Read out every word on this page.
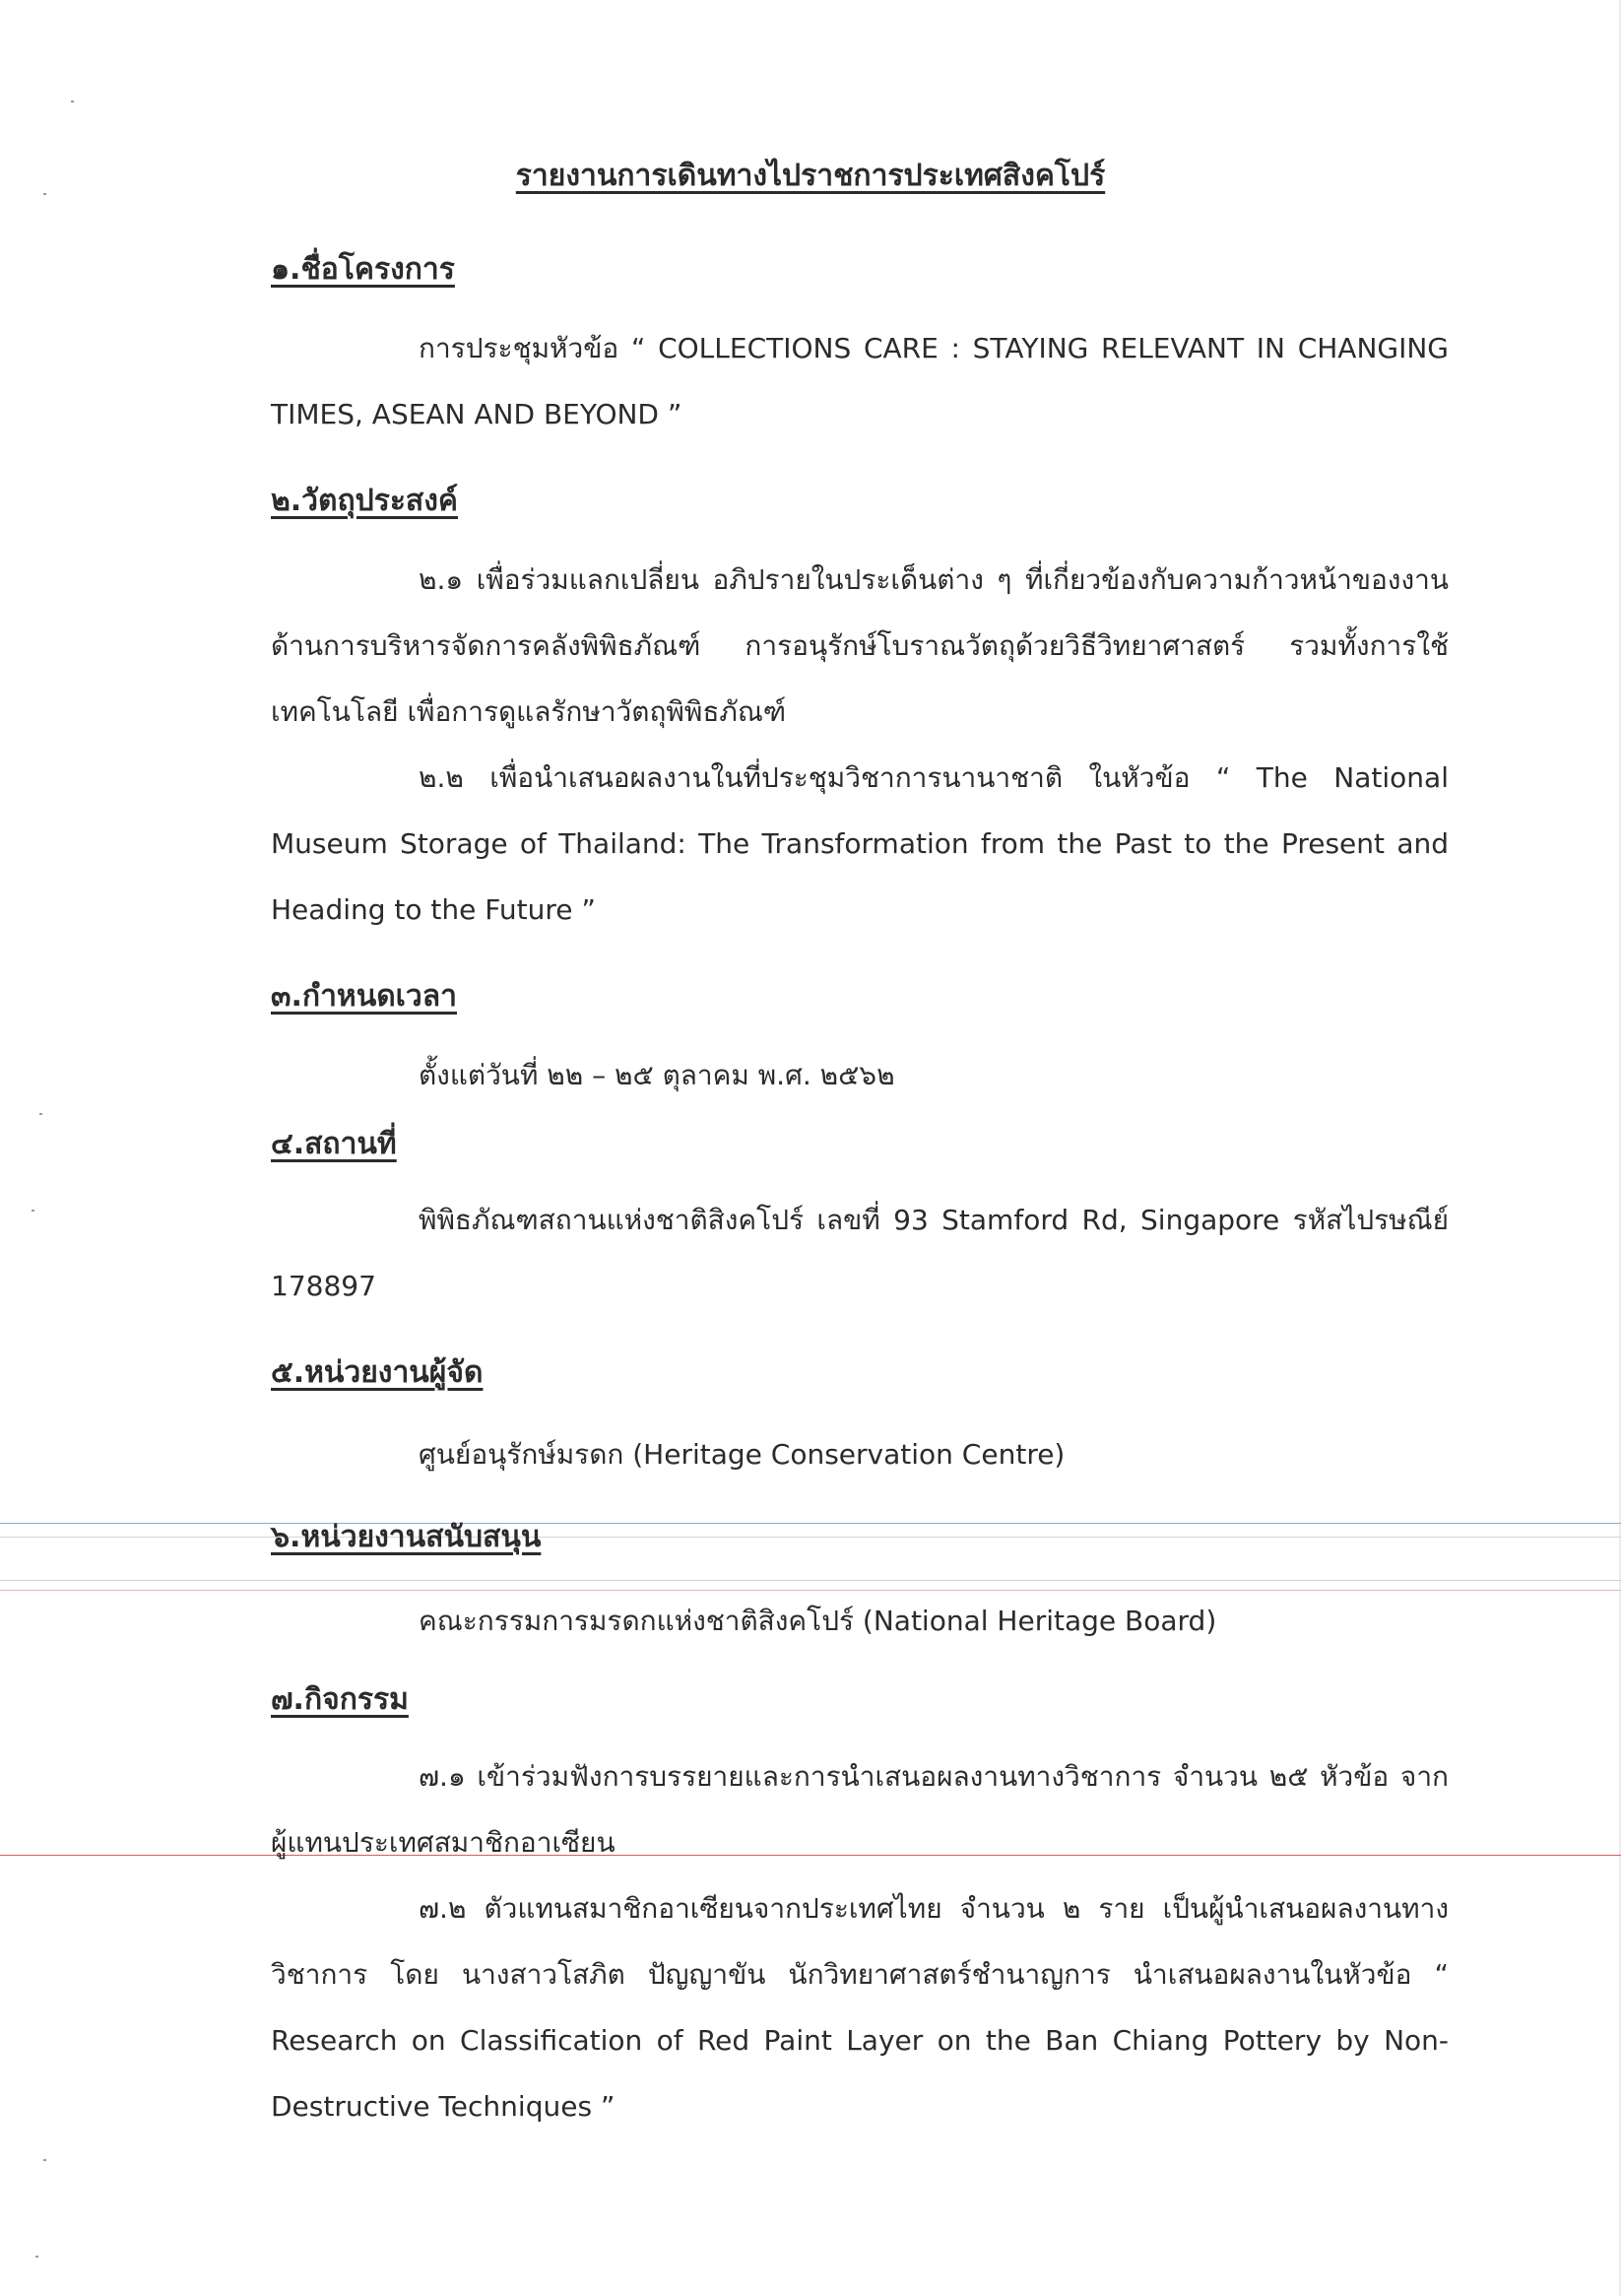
รายงานการเดินทางไปราชการประเทศสิงคโปร์
๑.ชื่อโครงการ
การประชุมหัวข้อ “ COLLECTIONS CARE : STAYING RELEVANT IN CHANGING TIMES, ASEAN AND BEYOND ”
๒.วัตถุประสงค์
๒.๑ เพื่อร่วมแลกเปลี่ยน อภิปรายในประเด็นต่าง ๆ ที่เกี่ยวข้องกับความก้าวหน้าของงาน ด้านการบริหารจัดการคลังพิพิธภัณฑ์ การอนุรักษ์โบราณวัตถุด้วยวิธีวิทยาศาสตร์ รวมทั้งการใช้เทคโนโลยี เพื่อการดูแลรักษาวัตถุพิพิธภัณฑ์
๒.๒ เพื่อนำเสนอผลงานในที่ประชุมวิชาการนานาชาติ ในหัวข้อ “ The National Museum Storage of Thailand: The Transformation from the Past to the Present and Heading to the Future ”
๓.กำหนดเวลา
ตั้งแต่วันที่ ๒๒ – ๒๕ ตุลาคม พ.ศ. ๒๕๖๒
๔.สถานที่
พิพิธภัณฑสถานแห่งชาติสิงคโปร์ เลขที่ 93 Stamford Rd, Singapore รหัสไปรษณีย์ 178897
๕.หน่วยงานผู้จัด
ศูนย์อนุรักษ์มรดก (Heritage Conservation Centre)
๖.หน่วยงานสนับสนุน
คณะกรรมการมรดกแห่งชาติสิงคโปร์ (National Heritage Board)
๗.กิจกรรม
๗.๑ เข้าร่วมฟังการบรรยายและการนำเสนอผลงานทางวิชาการ จำนวน ๒๕ หัวข้อ จาก ผู้แทนประเทศสมาชิกอาเซียน
๗.๒ ตัวแทนสมาชิกอาเซียนจากประเทศไทย จำนวน ๒ ราย เป็นผู้นำเสนอผลงานทาง วิชาการ โดย นางสาวโสภิต ปัญญาขัน นักวิทยาศาสตร์ชำนาญการ นำเสนอผลงานในหัวข้อ “ Research on Classification of Red Paint Layer on the Ban Chiang Pottery by Non- Destructive Techniques ”
